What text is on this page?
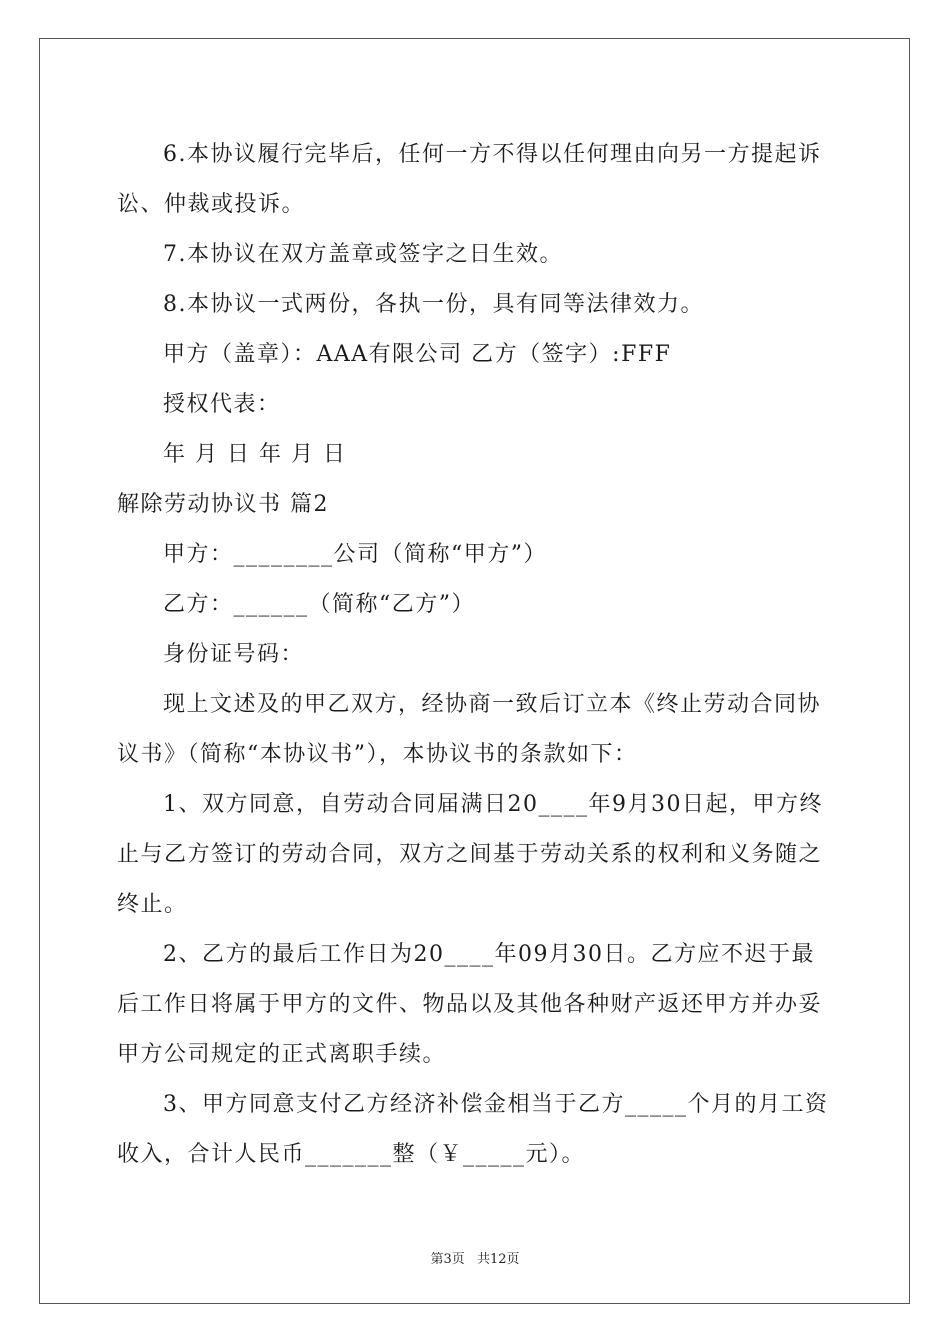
6.本协议履行完毕后，任何一方不得以任何理由向另一方提起诉
讼、仲裁或投诉。
7.本协议在双方盖章或签字之日生效。
8.本协议一式两份，各执一份，具有同等法律效力。
甲方（盖章）：AAA有限公司 乙方（签字）:FFF
授权代表：
年 月 日 年 月 日
解除劳动协议书 篇2
甲方：________公司（简称“甲方”）
乙方：______（简称“乙方”）
身份证号码：
现上文述及的甲乙双方，经协商一致后订立本《终止劳动合同协
议书》（简称“本协议书”），本协议书的条款如下：
1、双方同意，自劳动合同届满日20____年9月30日起，甲方终
止与乙方签订的劳动合同，双方之间基于劳动关系的权利和义务随之
终止。
2、乙方的最后工作日为20____年09月30日。乙方应不迟于最
后工作日将属于甲方的文件、物品以及其他各种财产返还甲方并办妥
甲方公司规定的正式离职手续。
3、甲方同意支付乙方经济补偿金相当于乙方_____个月的月工资
收入，合计人民币_______整（￥_____元）。
第3页 共12页
